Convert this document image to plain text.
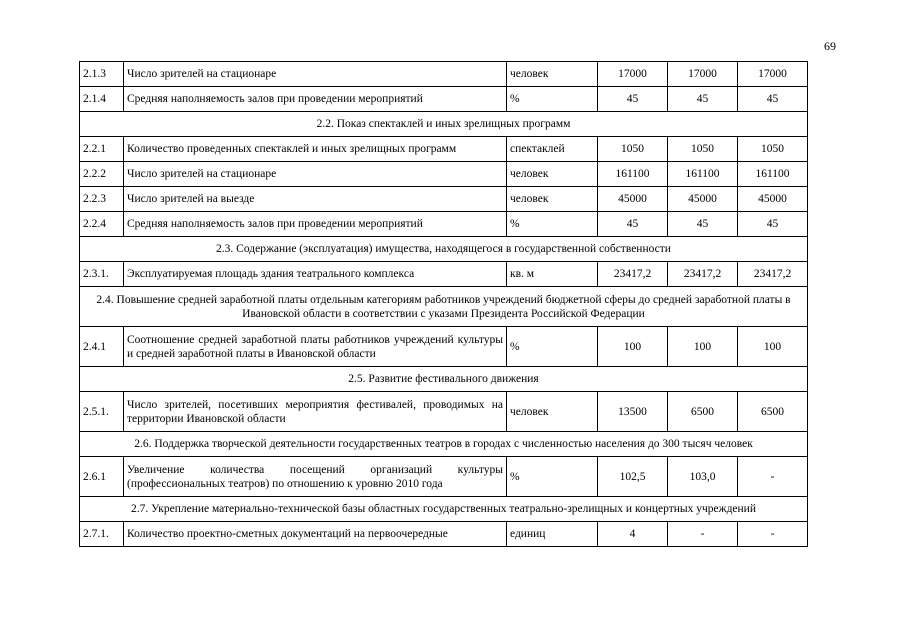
69
2.1.3	Число зрителей на стационаре	человек	17000	17000	17000
2.1.4	Средняя наполняемость залов при проведении мероприятий	%	45	45	45
2.2. Показ спектаклей и иных зрелищных программ					
2.2.1	Количество проведенных спектаклей и иных зрелищных программ	спектаклей	1050	1050	1050
2.2.2	Число зрителей на стационаре	человек	161100	161100	161100
2.2.3	Число зрителей на выезде	человек	45000	45000	45000
2.2.4	Средняя наполняемость залов при проведении мероприятий	%	45	45	45
2.3. Содержание (эксплуатация) имущества, находящегося в государственной собственности					
2.3.1.	Эксплуатируемая площадь здания театрального комплекса	кв. м	23417,2	23417,2	23417,2
2.4. Повышение средней заработной платы отдельным категориям работников учреждений бюджетной сферы до средней заработной платы в Ивановской области в соответствии с указами Президента Российской Федерации					
2.4.1	Соотношение средней заработной платы работников учреждений культуры и средней заработной платы в Ивановской области	%	100	100	100
2.5. Развитие фестивального движения					
2.5.1.	Число зрителей, посетивших мероприятия фестивалей, проводимых на территории Ивановской области	человек	13500	6500	6500
2.6. Поддержка творческой деятельности государственных театров в городах с численностью населения до 300 тысяч человек					
2.6.1	Увеличение количества посещений организаций культуры (профессиональных театров) по отношению к уровню 2010 года	%	102,5	103,0	-
2.7. Укрепление материально-технической базы областных государственных театрально-зрелищных и концертных учреждений					
2.7.1.	Количество проектно-сметных документаций на первоочередные	единиц	4	-	-
